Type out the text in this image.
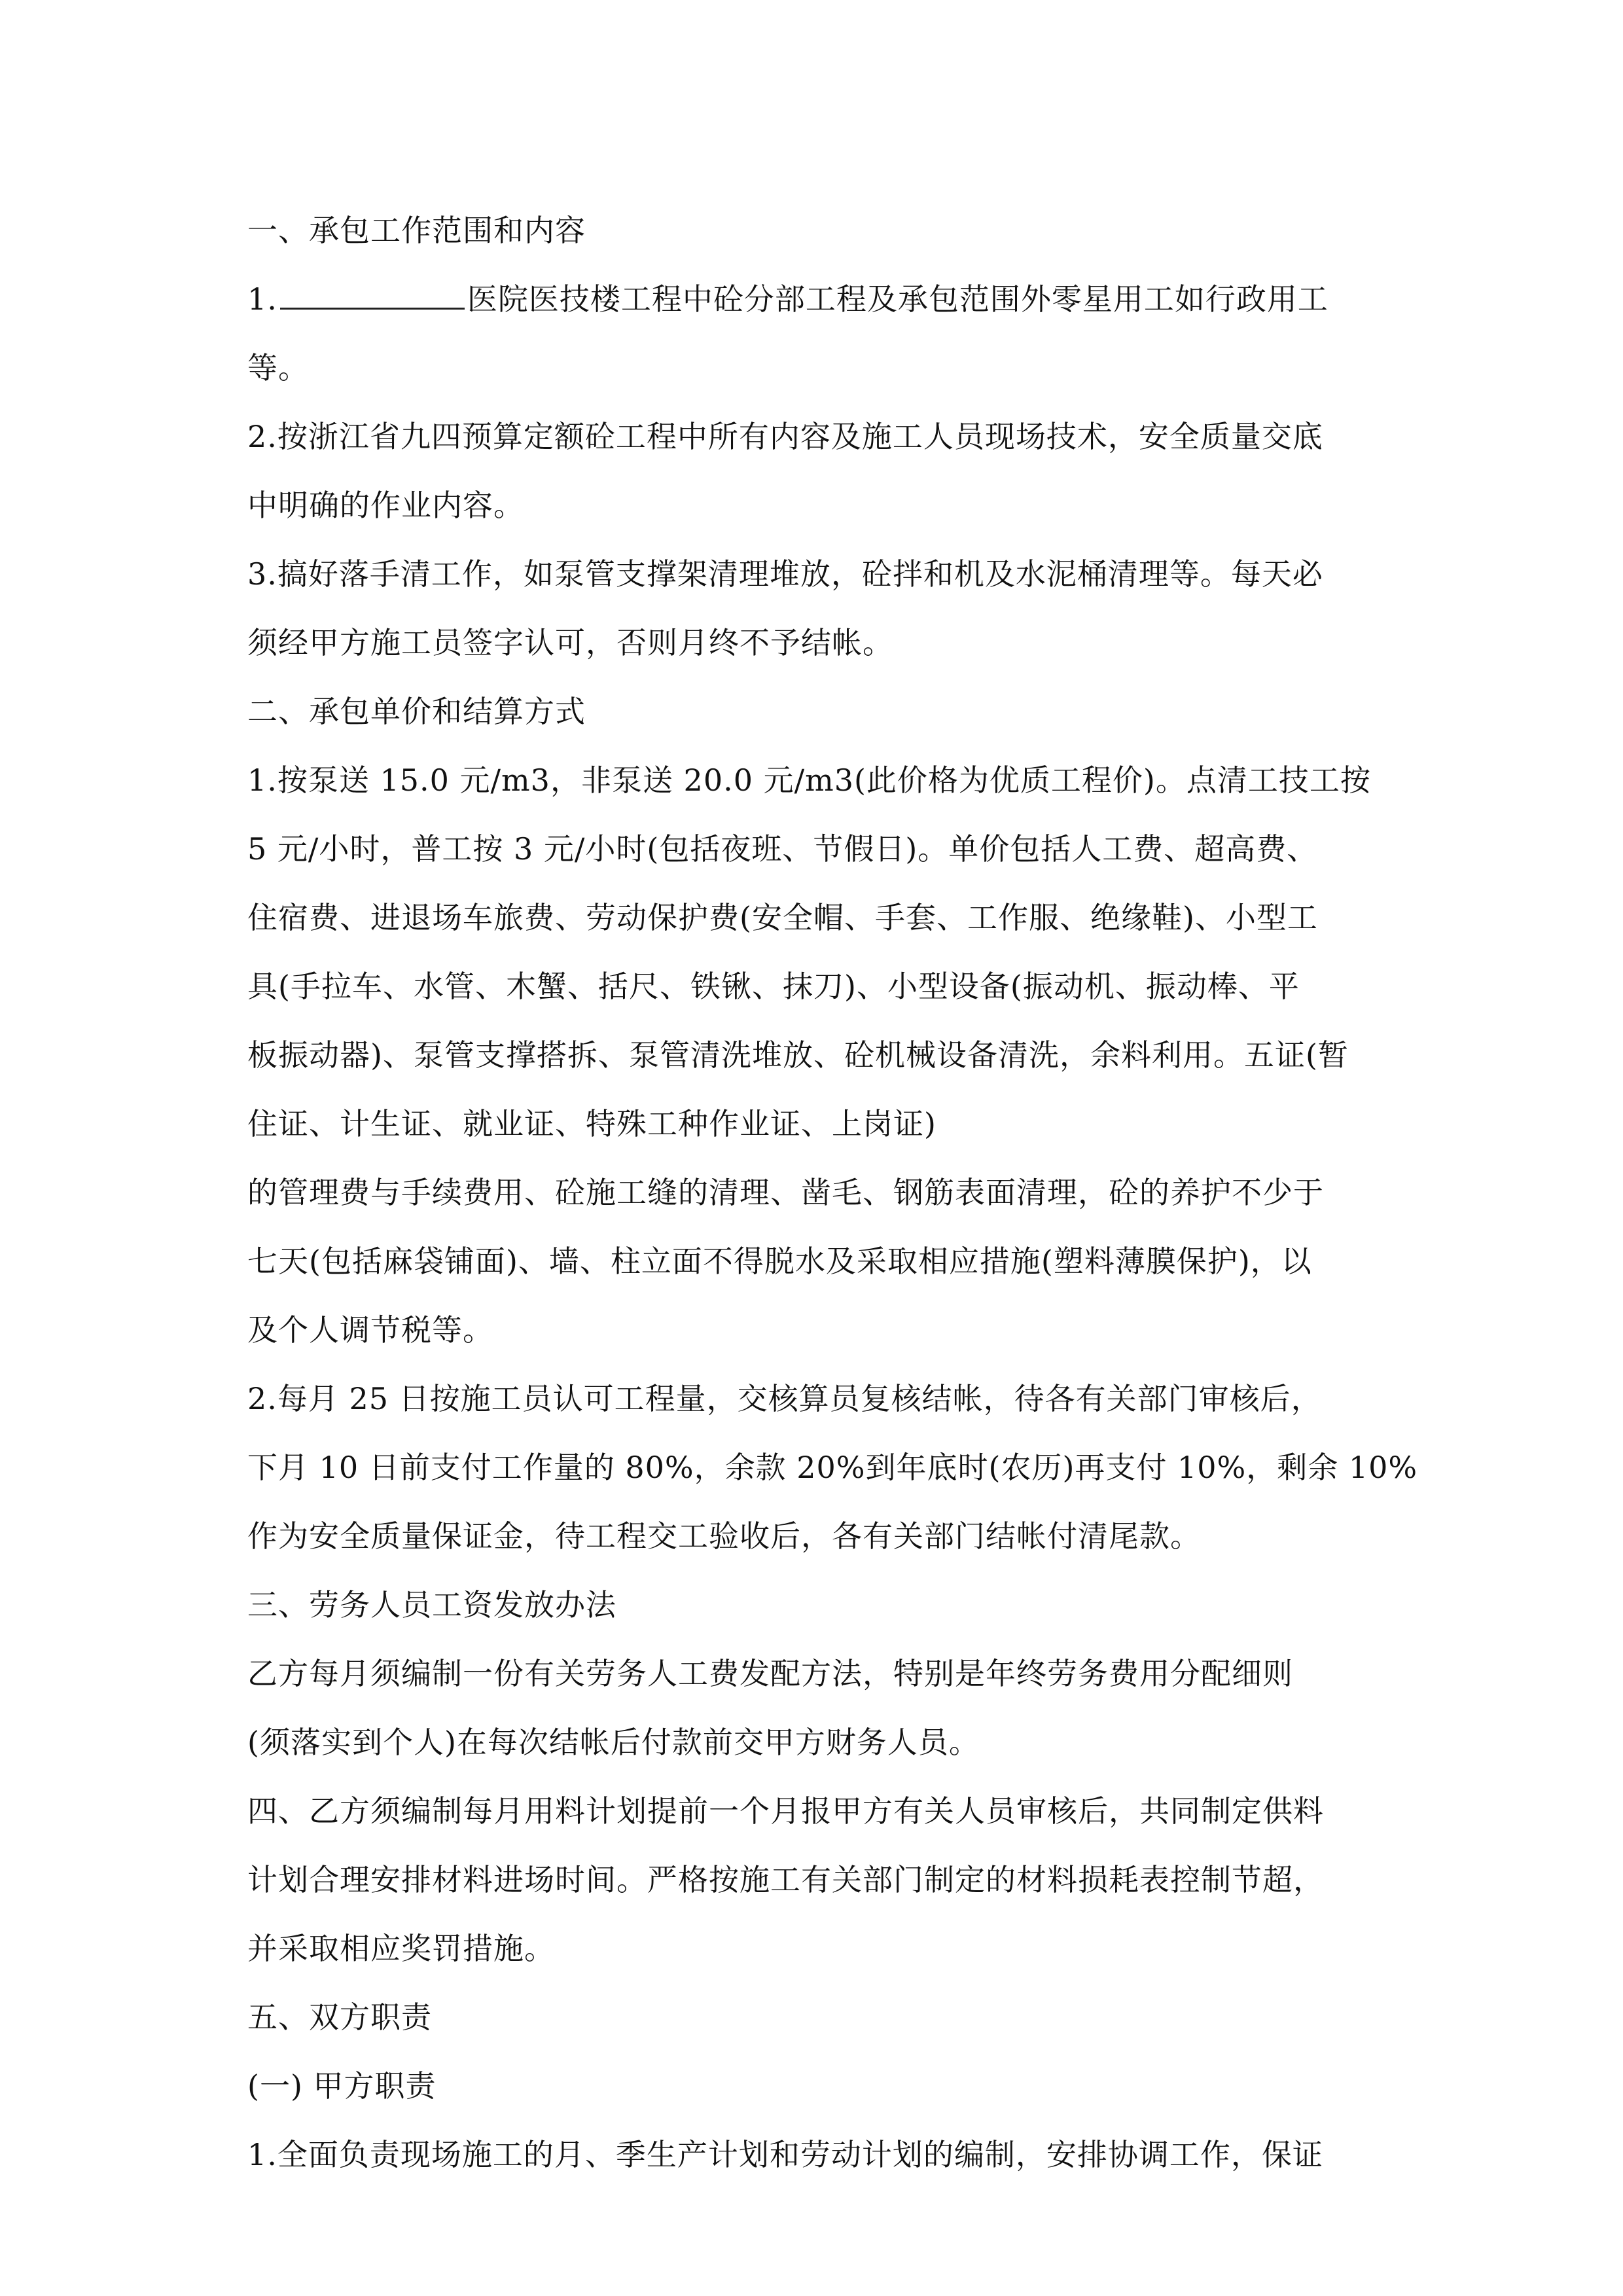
一、承包工作范围和内容
1.	医院医技楼工程中砼分部工程及承包范围外零星用工如行政用工
等。
2.按浙江省九四预算定额砼工程中所有内容及施工人员现场技术，安全质量交底
中明确的作业内容。
3.搞好落手清工作，如泵管支撑架清理堆放，砼拌和机及水泥桶清理等。每天必
须经甲方施工员签字认可，否则月终不予结帐。
二、承包单价和结算方式
1.按泵送 15.0 元/m3，非泵送 20.0 元/m3(此价格为优质工程价)。点清工技工按
5 元/小时，普工按 3 元/小时(包括夜班、节假日)。单价包括人工费、超高费、
住宿费、进退场车旅费、劳动保护费(安全帽、手套、工作服、绝缘鞋)、小型工
具(手拉车、水管、木蟹、括尺、铁锹、抹刀)、小型设备(振动机、振动棒、平
板振动器)、泵管支撑搭拆、泵管清洗堆放、砼机械设备清洗，余料利用。五证(暂
住证、计生证、就业证、特殊工种作业证、上岗证)
的管理费与手续费用、砼施工缝的清理、凿毛、钢筋表面清理，砼的养护不少于
七天(包括麻袋铺面)、墙、柱立面不得脱水及采取相应措施(塑料薄膜保护)，以
及个人调节税等。
2.每月 25 日按施工员认可工程量，交核算员复核结帐，待各有关部门审核后，
下月 10 日前支付工作量的 80%，余款 20%到年底时(农历)再支付 10%，剩余 10%
作为安全质量保证金，待工程交工验收后，各有关部门结帐付清尾款。
三、劳务人员工资发放办法
乙方每月须编制一份有关劳务人工费发配方法，特别是年终劳务费用分配细则
(须落实到个人)在每次结帐后付款前交甲方财务人员。
四、乙方须编制每月用料计划提前一个月报甲方有关人员审核后，共同制定供料
计划合理安排材料进场时间。严格按施工有关部门制定的材料损耗表控制节超，
并采取相应奖罚措施。
五、双方职责
(一) 甲方职责
1.全面负责现场施工的月、季生产计划和劳动计划的编制，安排协调工作，保证
